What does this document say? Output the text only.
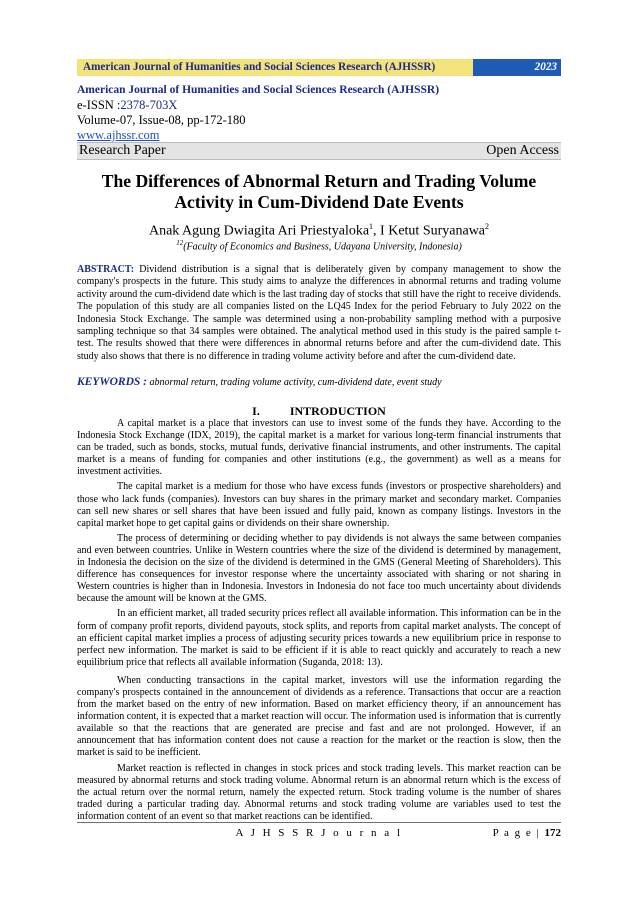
American Journal of Humanities and Social Sciences Research (AJHSSR)	2023
American Journal of Humanities and Social Sciences Research (AJHSSR)
e-ISSN :2378-703X
Volume-07, Issue-08, pp-172-180
www.ajhssr.com
Research Paper	Open Access
The Differences of Abnormal Return and Trading Volume
Activity in Cum-Dividend Date Events
Anak Agung Dwiagita Ari Priestyaloka$^1$, I Ketut Suryanawa$^2$
$^{12}$(Faculty of Economics and Business, Udayana University, Indonesia)
ABSTRACT: Dividend distribution is a signal that is deliberately given by company management to show the company's prospects in the future. This study aims to analyze the differences in abnormal returns and trading volume activity around the cum-dividend date which is the last trading day of stocks that still have the right to receive dividends. The population of this study are all companies listed on the LQ45 Index for the period February to July 2022 on the Indonesia Stock Exchange. The sample was determined using a non-probability sampling method with a purposive sampling technique so that 34 samples were obtained. The analytical method used in this study is the paired sample t-test. The results showed that there were differences in abnormal returns before and after the cum-dividend date. This study also shows that there is no difference in trading volume activity before and after the cum-dividend date.
KEYWORDS : abnormal return, trading volume activity, cum-dividend date, event study
I.	INTRODUCTION

A capital market is a place that investors can use to invest some of the funds they have. According to the Indonesia Stock Exchange (IDX, 2019), the capital market is a market for various long-term financial instruments that can be traded, such as bonds, stocks, mutual funds, derivative financial instruments, and other instruments. The capital market is a means of funding for companies and other institutions (e.g., the government) as well as a means for investment activities.

The capital market is a medium for those who have excess funds (investors or prospective shareholders) and those who lack funds (companies). Investors can buy shares in the primary market and secondary market. Companies can sell new shares or sell shares that have been issued and fully paid, known as company listings. Investors in the capital market hope to get capital gains or dividends on their share ownership.

The process of determining or deciding whether to pay dividends is not always the same between companies and even between countries. Unlike in Western countries where the size of the dividend is determined by management, in Indonesia the decision on the size of the dividend is determined in the GMS (General Meeting of Shareholders). This difference has consequences for investor response where the uncertainty associated with sharing or not sharing in Western countries is higher than in Indonesia. Investors in Indonesia do not face too much uncertainty about dividends because the amount will be known at the GMS.

In an efficient market, all traded security prices reflect all available information. This information can be in the form of company profit reports, dividend payouts, stock splits, and reports from capital market analysts. The concept of an efficient capital market implies a process of adjusting security prices towards a new equilibrium price in response to perfect new information. The market is said to be efficient if it is able to react quickly and accurately to reach a new equilibrium price that reflects all available information (Suganda, 2018: 13).

When conducting transactions in the capital market, investors will use the information regarding the company's prospects contained in the announcement of dividends as a reference. Transactions that occur are a reaction from the market based on the entry of new information. Based on market efficiency theory, if an announcement has information content, it is expected that a market reaction will occur. The information used is information that is currently available so that the reactions that are generated are precise and fast and are not prolonged. However, if an announcement that has information content does not cause a reaction for the market or the reaction is slow, then the market is said to be inefficient.

Market reaction is reflected in changes in stock prices and stock trading levels. This market reaction can be measured by abnormal returns and stock trading volume. Abnormal return is an abnormal return which is the excess of the actual return over the normal return, namely the expected return. Stock trading volume is the number of shares traded during a particular trading day. Abnormal returns and stock trading volume are variables used to test the information content of an event so that market reactions can be identified.

A J H S S R J o u r n a l	P a g e | 172
